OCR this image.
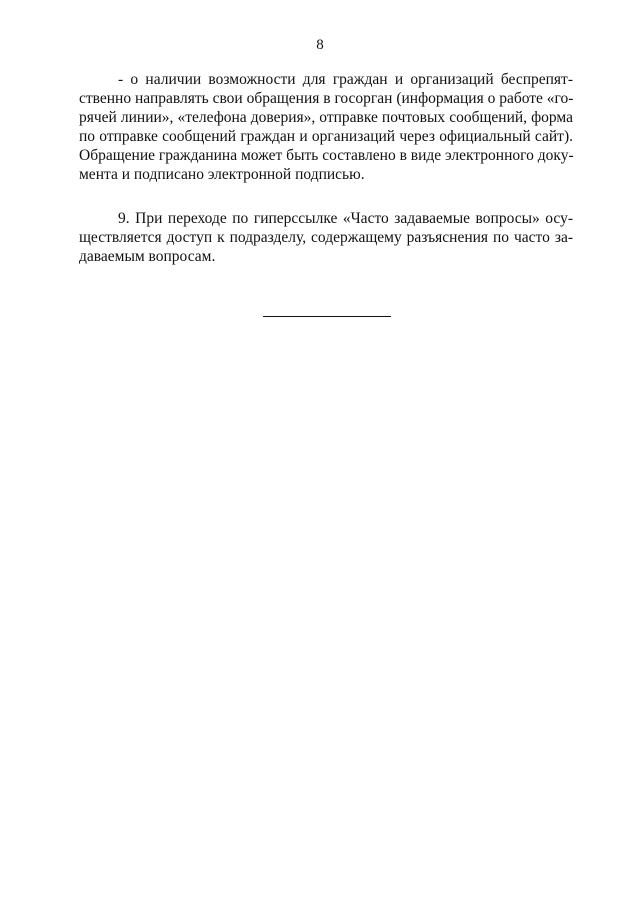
8
- о наличии возможности для граждан и организаций беспрепят-
ственно направлять свои обращения в госорган (информация о работе «го-
рячей линии», «телефона доверия», отправке почтовых сообщений, форма
по отправке сообщений граждан и организаций через официальный сайт).
Обращение гражданина может быть составлено в виде электронного доку-
мента и подписано электронной подписью.
9. При переходе по гиперссылке «Часто задаваемые вопросы» осу-
ществляется доступ к подразделу, содержащему разъяснения по часто за-
даваемым вопросам.
